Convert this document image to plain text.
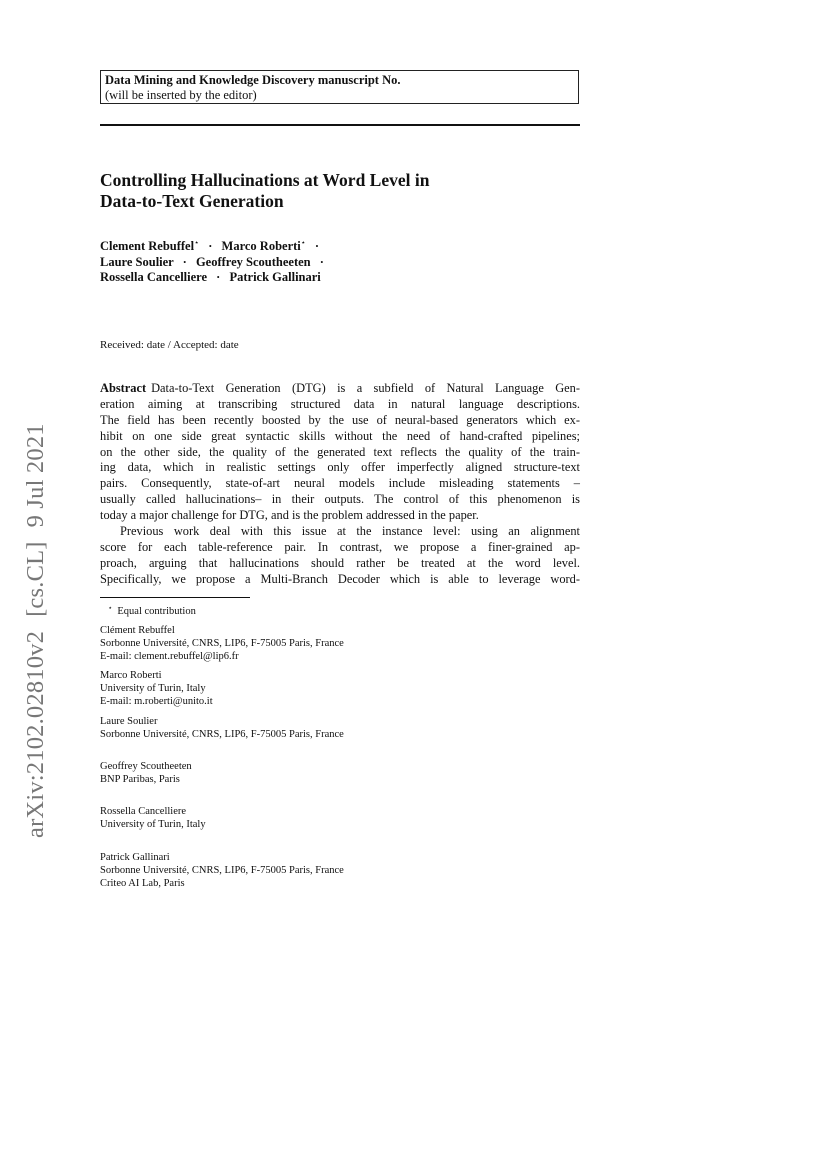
Data Mining and Knowledge Discovery manuscript No.
(will be inserted by the editor)
Controlling Hallucinations at Word Level in
Data-to-Text Generation
Clement Rebuffel⋆ · Marco Roberti⋆ ·
Laure Soulier · Geoffrey Scoutheeten ·
Rossella Cancelliere · Patrick Gallinari
Received: date / Accepted: date
Abstract Data-to-Text Generation (DTG) is a subfield of Natural Language Gen-
eration aiming at transcribing structured data in natural language descriptions.
The field has been recently boosted by the use of neural-based generators which ex-
hibit on one side great syntactic skills without the need of hand-crafted pipelines;
on the other side, the quality of the generated text reflects the quality of the train-
ing data, which in realistic settings only offer imperfectly aligned structure-text
pairs. Consequently, state-of-art neural models include misleading statements –
usually called hallucinations– in their outputs. The control of this phenomenon is
today a major challenge for DTG, and is the problem addressed in the paper.
Previous work deal with this issue at the instance level: using an alignment
score for each table-reference pair. In contrast, we propose a finer-grained ap-
proach, arguing that hallucinations should rather be treated at the word level.
Specifically, we propose a Multi-Branch Decoder which is able to leverage word-
⋆ Equal contribution
Clément Rebuffel
Sorbonne Université, CNRS, LIP6, F-75005 Paris, France
E-mail: clement.rebuffel@lip6.fr
Marco Roberti
University of Turin, Italy
E-mail: m.roberti@unito.it
Laure Soulier
Sorbonne Université, CNRS, LIP6, F-75005 Paris, France
Geoffrey Scoutheeten
BNP Paribas, Paris
Rossella Cancelliere
University of Turin, Italy
Patrick Gallinari
Sorbonne Université, CNRS, LIP6, F-75005 Paris, France
Criteo AI Lab, Paris
arXiv:2102.02810v2[cs.CL]9 Jul 2021
